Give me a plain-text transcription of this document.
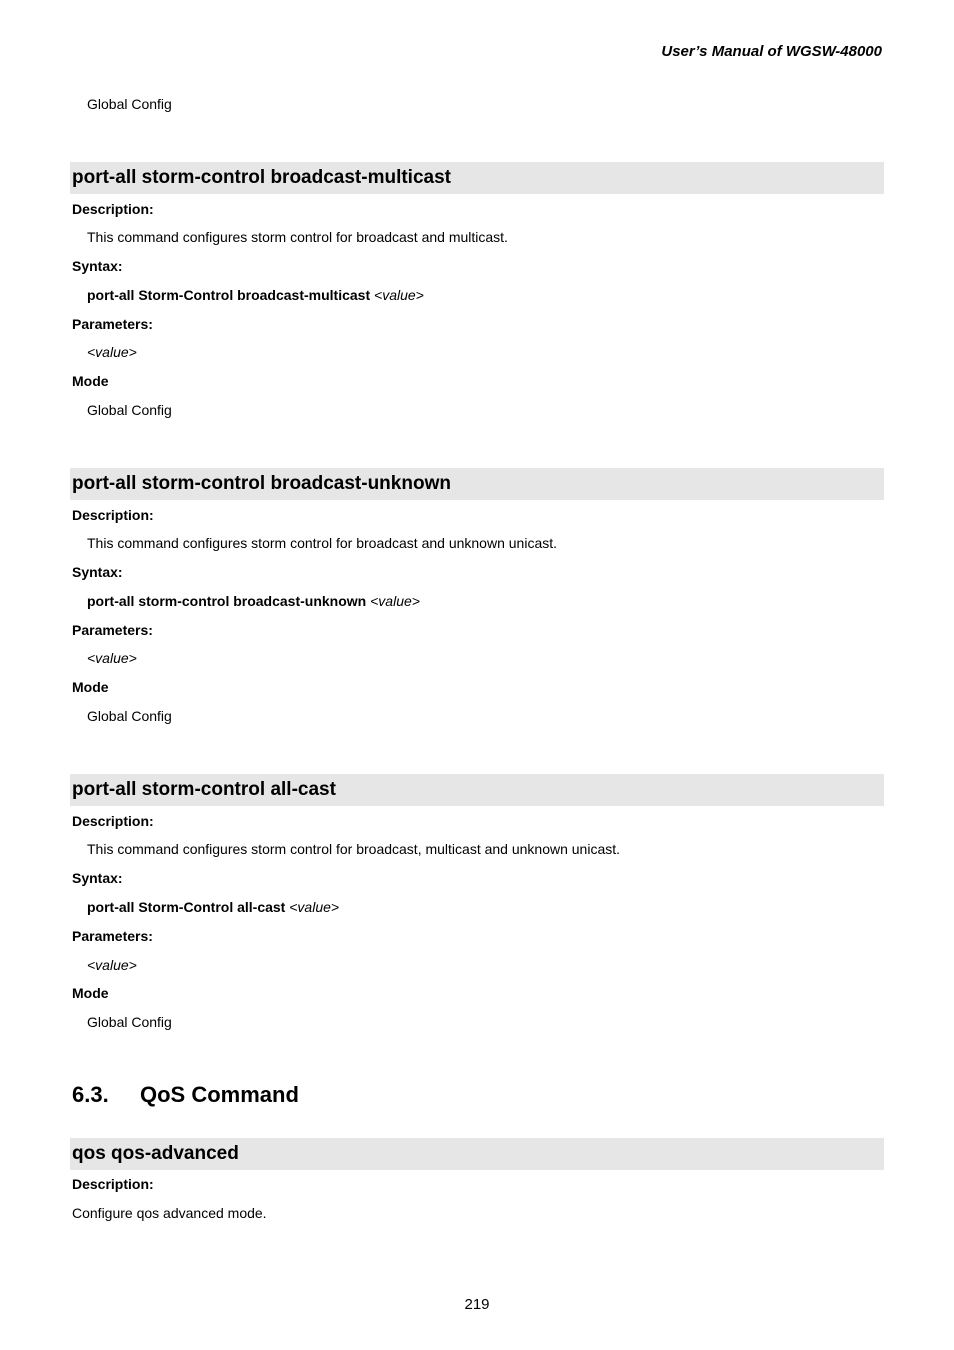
User’s Manual of WGSW-48000
Global Config
port-all storm-control broadcast-multicast
Description:
This command configures storm control for broadcast and multicast.
Syntax:
port-all Storm-Control broadcast-multicast <value>
Parameters:
<value>
Mode
Global Config
port-all storm-control broadcast-unknown
Description:
This command configures storm control for broadcast and unknown unicast.
Syntax:
port-all storm-control broadcast-unknown <value>
Parameters:
<value>
Mode
Global Config
port-all storm-control all-cast
Description:
This command configures storm control for broadcast, multicast and unknown unicast.
Syntax:
port-all Storm-Control all-cast <value>
Parameters:
<value>
Mode
Global Config
6.3. QoS Command
qos qos-advanced
Description:
Configure qos advanced mode.
219
